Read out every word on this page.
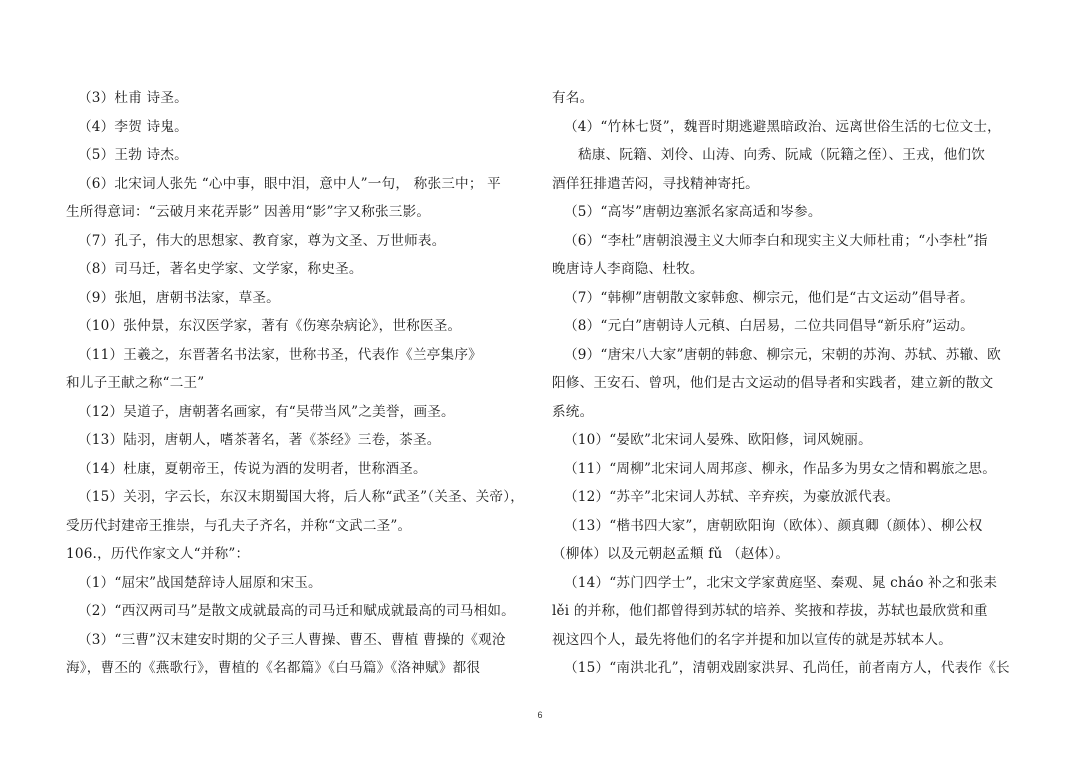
（3）杜甫 诗圣。
（4）李贺 诗鬼。
（5）王勃 诗杰。
（6）北宋词人张先 “心中事，眼中泪，意中人”一句， 称张三中； 平
生所得意词：“云破月来花弄影” 因善用“影”字又称张三影。
（7）孔子，伟大的思想家、教育家，尊为文圣、万世师表。
（8）司马迁，著名史学家、文学家，称史圣。
（9）张旭，唐朝书法家，草圣。
（10）张仲景，东汉医学家，著有《伤寒杂病论》，世称医圣。
（11）王羲之，东晋著名书法家，世称书圣，代表作《兰亭集序》
和儿子王献之称“二王”
（12）吴道子，唐朝著名画家，有“吴带当风”之美誉，画圣。
（13）陆羽，唐朝人，嗜茶著名，著《茶经》三卷，茶圣。
（14）杜康，夏朝帝王，传说为酒的发明者，世称酒圣。
（15）关羽，字云长，东汉末期蜀国大将，后人称“武圣”（关圣、关帝），
受历代封建帝王推崇，与孔夫子齐名，并称“文武二圣”。
106.，历代作家文人“并称”：
（1）“屈宋”战国楚辞诗人屈原和宋玉。
（2）“西汉两司马”是散文成就最高的司马迁和赋成就最高的司马相如。
（3）“三曹”汉末建安时期的父子三人曹操、曹丕、曹植 曹操的《观沧
海》，曹丕的《燕歌行》，曹植的《名都篇》《白马篇》《洛神赋》都很
有名。
（4）“竹林七贤”，魏晋时期逃避黑暗政治、远离世俗生活的七位文士，
嵇康、阮籍、刘伶、山涛、向秀、阮咸（阮籍之侄）、王戎，他们饮
酒佯狂排遣苦闷，寻找精神寄托。
（5）“高岑”唐朝边塞派名家高适和岑参。
（6）“李杜”唐朝浪漫主义大师李白和现实主义大师杜甫；“小李杜”指
晚唐诗人李商隐、杜牧。
（7）“韩柳”唐朝散文家韩愈、柳宗元，他们是“古文运动”倡导者。
（8）“元白”唐朝诗人元稹、白居易，二位共同倡导“新乐府”运动。
（9）“唐宋八大家”唐朝的韩愈、柳宗元，宋朝的苏洵、苏轼、苏辙、欧
阳修、王安石、曾巩，他们是古文运动的倡导者和实践者，建立新的散文
系统。
（10）“晏欧”北宋词人晏殊、欧阳修，词风婉丽。
（11）“周柳”北宋词人周邦彦、柳永，作品多为男女之情和羁旅之思。
（12）“苏辛”北宋词人苏轼、辛弃疾，为豪放派代表。
（13）“楷书四大家”，唐朝欧阳询（欧体）、颜真卿（颜体）、柳公权
（柳体）以及元朝赵孟頫 fǔ （赵体）。
（14）“苏门四学士”，北宋文学家黄庭坚、秦观、晁 cháo 补之和张耒
lěi 的并称，他们都曾得到苏轼的培养、奖掖和荐拔，苏轼也最欣赏和重
视这四个人，最先将他们的名字并提和加以宣传的就是苏轼本人。
（15）“南洪北孔”，清朝戏剧家洪昇、孔尚任，前者南方人，代表作《长
6
